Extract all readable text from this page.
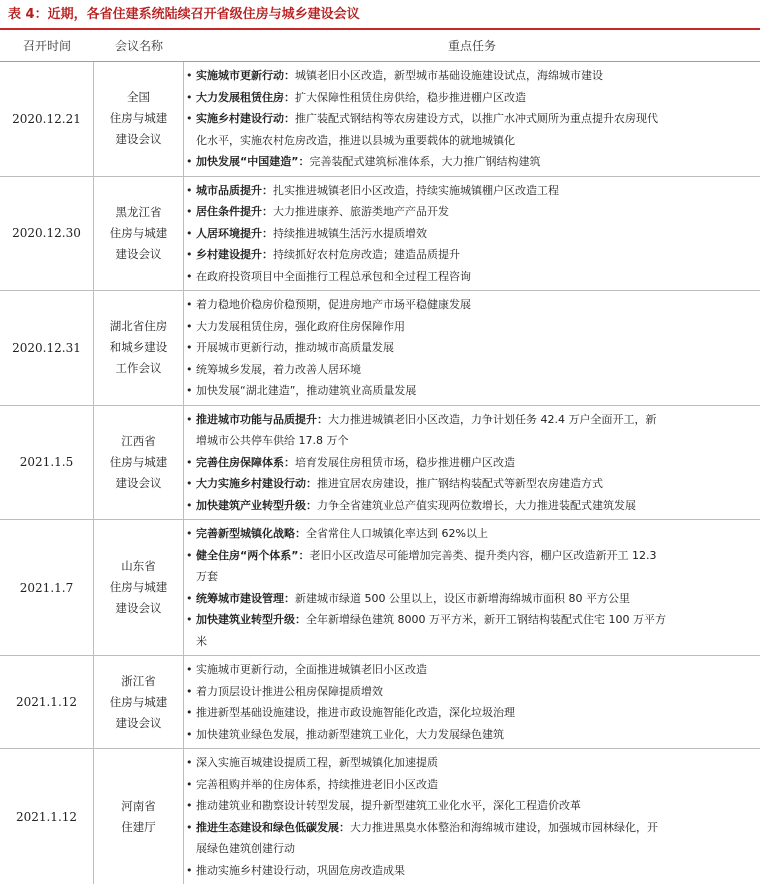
表 4：近期，各省住建系统陆续召开省级住房与城乡建设会议
召开时间	会议名称	重点任务
2020.12.21
全国
住房与城建
建设会议
• 实施城市更新行动：城镇老旧小区改造，新型城市基础设施建设试点，海绵城市建设
• 大力发展租赁住房：扩大保障性租赁住房供给，稳步推进棚户区改造
• 实施乡村建设行动：推广装配式钢结构等农房建设方式，以推广水冲式厕所为重点提升农房现代
化水平，实施农村危房改造，推进以县城为重要载体的就地城镇化
• 加快发展“中国建造”：完善装配式建筑标准体系，大力推广钢结构建筑
2020.12.30
黑龙江省
住房与城建
建设会议
• 城市品质提升：扎实推进城镇老旧小区改造，持续实施城镇棚户区改造工程
• 居住条件提升：大力推进康养、旅游类地产产品开发
• 人居环境提升：持续推进城镇生活污水提质增效
• 乡村建设提升：持续抓好农村危房改造；建造品质提升
• 在政府投资项目中全面推行工程总承包和全过程工程咨询
2020.12.31
湖北省住房
和城乡建设
工作会议
• 着力稳地价稳房价稳预期，促进房地产市场平稳健康发展
• 大力发展租赁住房，强化政府住房保障作用
• 开展城市更新行动，推动城市高质量发展
• 统筹城乡发展，着力改善人居环境
• 加快发展“湖北建造”，推动建筑业高质量发展
2021.1.5
江西省
住房与城建
建设会议
• 推进城市功能与品质提升：大力推进城镇老旧小区改造，力争计划任务 42.4 万户全面开工，新
增城市公共停车供给 17.8 万个
• 完善住房保障体系：培育发展住房租赁市场，稳步推进棚户区改造
• 大力实施乡村建设行动：推进宜居农房建设，推广钢结构装配式等新型农房建造方式
• 加快建筑产业转型升级：力争全省建筑业总产值实现两位数增长，大力推进装配式建筑发展
2021.1.7
山东省
住房与城建
建设会议
• 完善新型城镇化战略：全省常住人口城镇化率达到 62%以上
• 健全住房“两个体系”：老旧小区改造尽可能增加完善类、提升类内容，棚户区改造新开工 12.3
万套
• 统筹城市建设管理：新建城市绿道 500 公里以上，设区市新增海绵城市面积 80 平方公里
• 加快建筑业转型升级：全年新增绿色建筑 8000 万平方米，新开工钢结构装配式住宅 100 万平方
米
2021.1.12
浙江省
住房与城建
建设会议
• 实施城市更新行动，全面推进城镇老旧小区改造
• 着力顶层设计推进公租房保障提质增效
• 推进新型基础设施建设，推进市政设施智能化改造，深化垃圾治理
• 加快建筑业绿色发展，推动新型建筑工业化，大力发展绿色建筑
2021.1.12
河南省
住建厅
• 深入实施百城建设提质工程，新型城镇化加速提质
• 完善租购并举的住房体系，持续推进老旧小区改造
• 推动建筑业和勘察设计转型发展，提升新型建筑工业化水平，深化工程造价改革
• 推进生态建设和绿色低碳发展：大力推进黑臭水体整治和海绵城市建设，加强城市园林绿化，开
展绿色建筑创建行动
• 推动实施乡村建设行动，巩固危房改造成果
